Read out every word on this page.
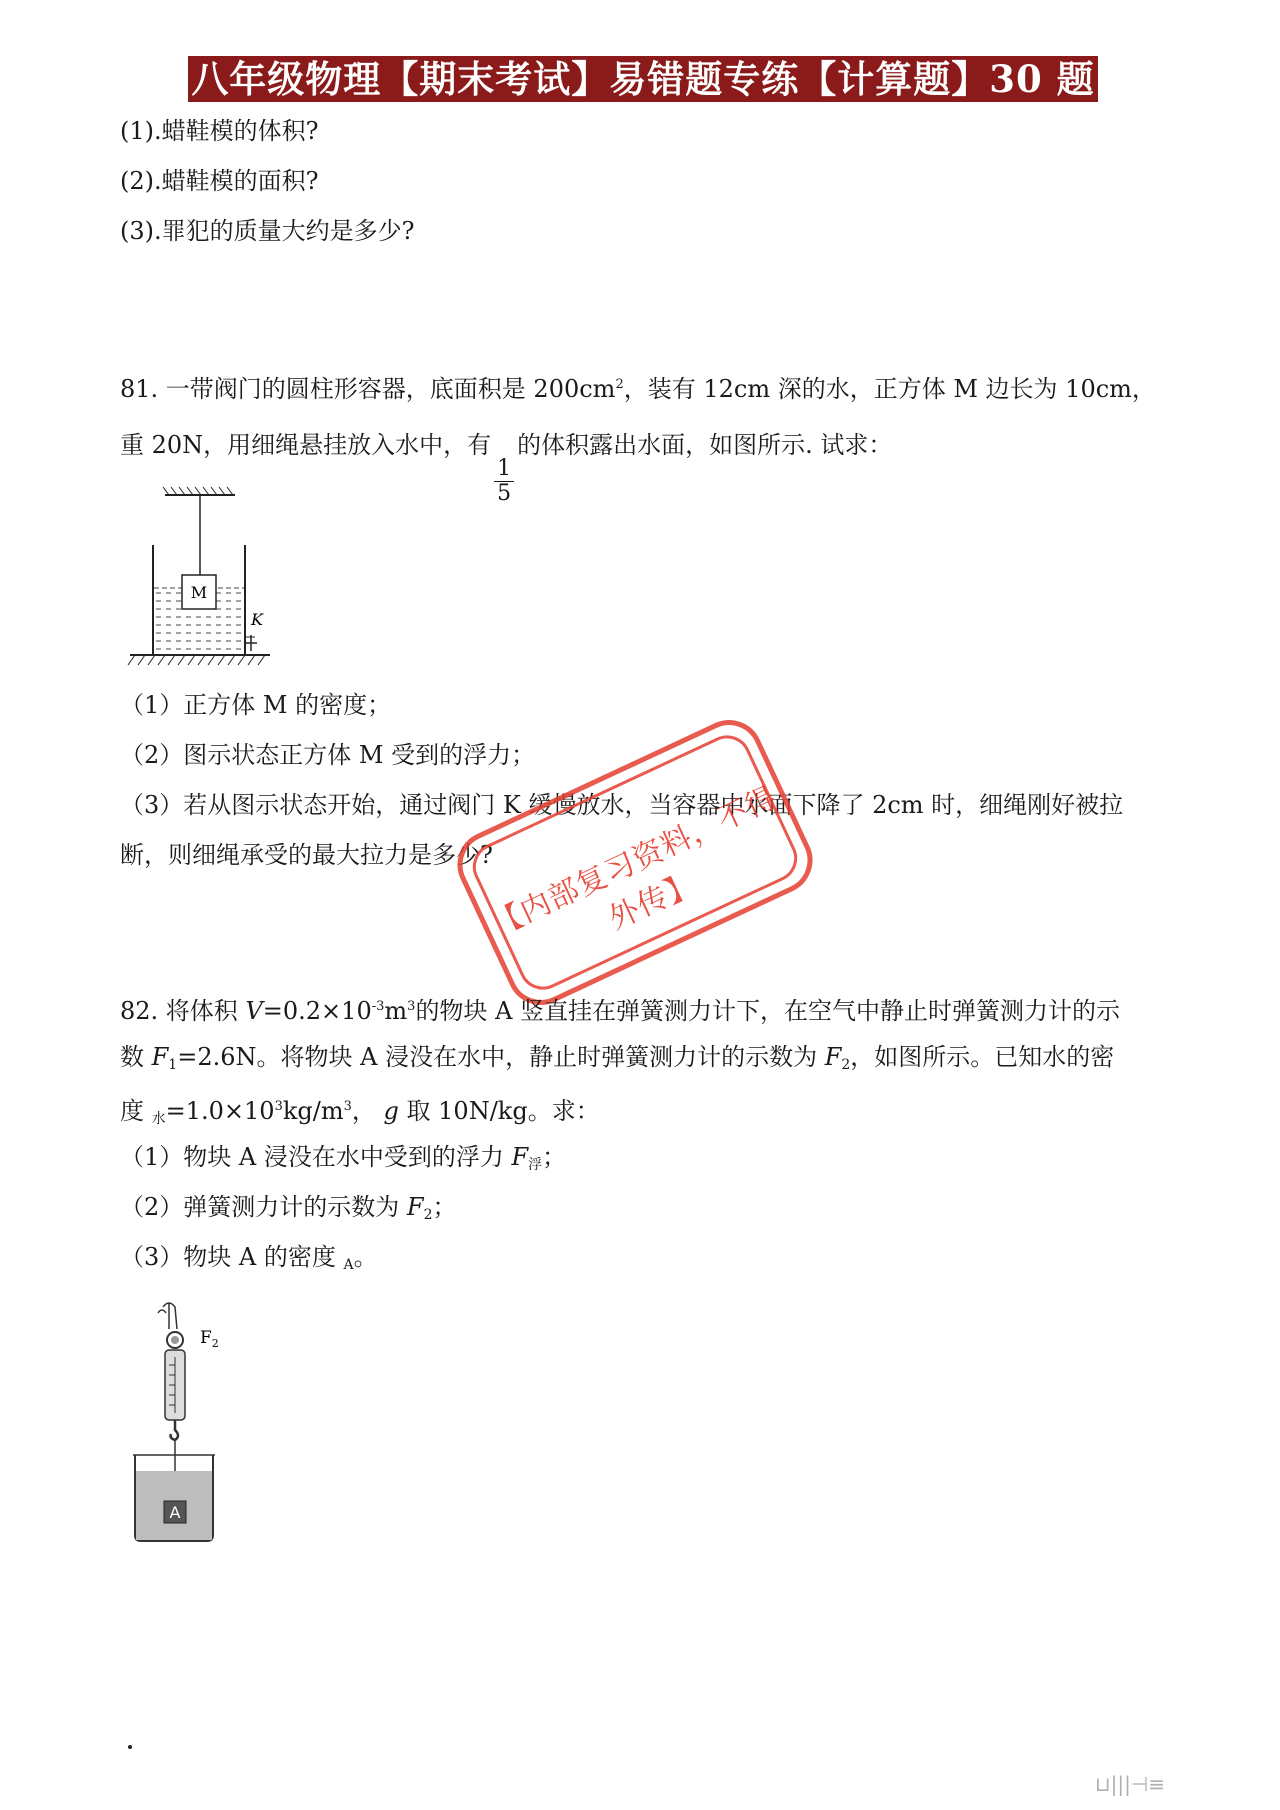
八年级物理【期末考试】易错题专练【计算题】30 题
(1).蜡鞋模的体积?
(2).蜡鞋模的面积?
(3).罪犯的质量大约是多少?
81. 一带阀门的圆柱形容器，底面积是 $200cm^2$，装有 12cm 深的水，正方体 M 边长为 10cm，
重 20N，用细绳悬挂放入水中，有
$\frac{1}{5}$
的体积露出水面，如图所示. 试求：
M
K
（1）正方体 M 的密度；
（2）图示状态正方体 M 受到的浮力；
（3）若从图示状态开始，通过阀门 K 缓慢放水，当容器中水面下降了 2cm 时，细绳刚好被拉
断，则细绳承受的最大拉力是多少?
【内部复习资料，不得外传】
82. 将体积 $V=0.2\times 10^{-3}m^3$的物块 A 竖直挂在弹簧测力计下，在空气中静止时弹簧测力计的示
数 $F_1=2.6N$。将物块 A 浸没在水中，静止时弹簧测力计的示数为 $F_2$，如图所示。已知水的密
度 $_水=1.0\times 10^3kg/m^3$， g 取 10N/kg。求：
（1）物块 A 浸没在水中受到的浮力 $F_浮$；
（2）弹簧测力计的示数为 $F_2$；
（3）物块 A 的密度 $_A$。
$F_2$
A
⊔|||⊣≡
